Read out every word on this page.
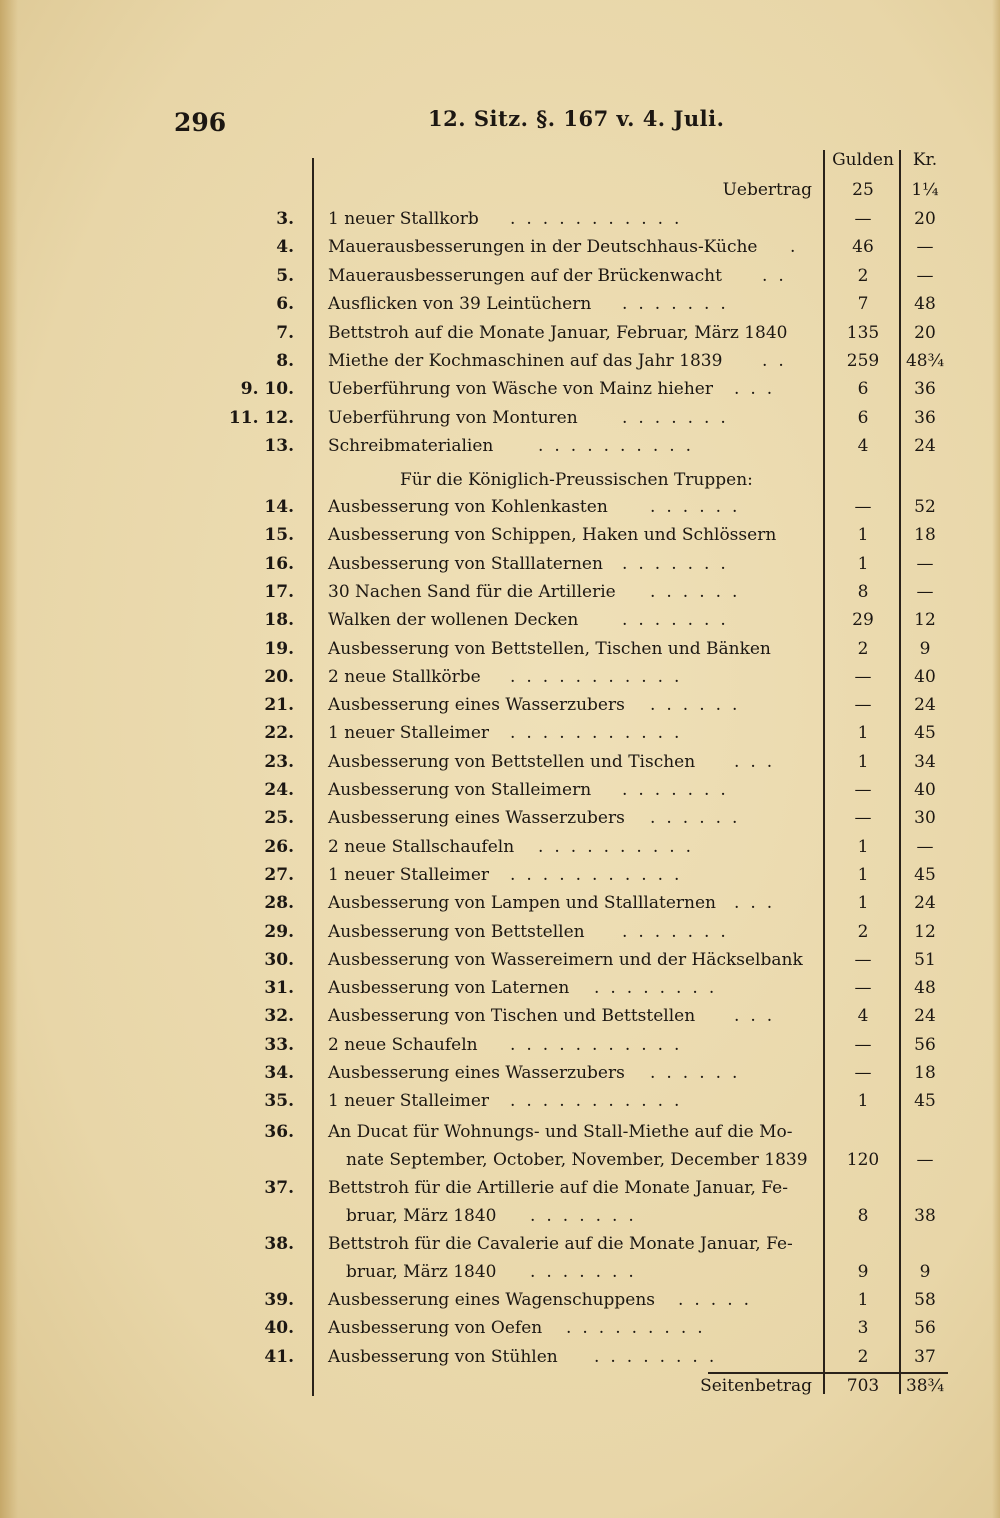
296	12. Sitz. §. 167 v. 4. Juli.
Gulden	Kr.
Uebertrag	25	1¼
3. 1 neuer Stallkorb	—	20
...........
4. Mauerausbesserungen in der Deutschhaus-Küche	46	—
.
5. Mauerausbesserungen auf der Brückenwacht	2	—
..
6. Ausflicken von 39 Leintüchern	7	48
.......
7. Bettstroh auf die Monate Januar, Februar, März 1840	135	20
8. Miethe der Kochmaschinen auf das Jahr 1839	259	48¾
..
9. 10. Ueberführung von Wäsche von Mainz hieher	6	36
...
11. 12. Ueberführung von Monturen	6	36
.......
13. Schreibmaterialien	4	24
..........
Für die Königlich-Preussischen Truppen:
14. Ausbesserung von Kohlenkasten	—	52
......
15. Ausbesserung von Schippen, Haken und Schlössern	1	18
16. Ausbesserung von Stalllaternen	1	—
.......
17. 30 Nachen Sand für die Artillerie	8	—
......
18. Walken der wollenen Decken	29	12
.......
19. Ausbesserung von Bettstellen, Tischen und Bänken	2	9
20. 2 neue Stallkörbe	—	40
...........
21. Ausbesserung eines Wasserzubers	—	24
......
22. 1 neuer Stalleimer	1	45
...........
23. Ausbesserung von Bettstellen und Tischen	1	34
...
24. Ausbesserung von Stalleimern	—	40
.......
25. Ausbesserung eines Wasserzubers	—	30
......
26. 2 neue Stallschaufeln	1	—
..........
27. 1 neuer Stalleimer	1	45
...........
28. Ausbesserung von Lampen und Stalllaternen	1	24
...
29. Ausbesserung von Bettstellen	2	12
.......
30. Ausbesserung von Wassereimern und der Häckselbank	—	51
31. Ausbesserung von Laternen	—	48
........
32. Ausbesserung von Tischen und Bettstellen	4	24
...
33. 2 neue Schaufeln	—	56
...........
34. Ausbesserung eines Wasserzubers	—	18
......
35. 1 neuer Stalleimer	1	45
...........
36. An Ducat für Wohnungs- und Stall-Miethe auf die Mo-
nate September, October, November, December 1839	120	—
37. Bettstroh für die Artillerie auf die Monate Januar, Fe-
bruar, März 1840 .......	8	38
38. Bettstroh für die Cavalerie auf die Monate Januar, Fe-
bruar, März 1840 .......	9	9
39. Ausbesserung eines Wagenschuppens	1	58
.....
40. Ausbesserung von Oefen	3	56
.........
41. Ausbesserung von Stühlen	2	37
........
Seitenbetrag	703	38¾
